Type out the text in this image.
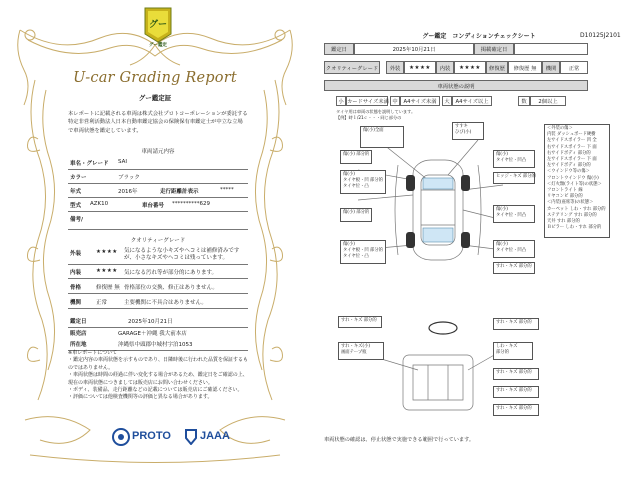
グー
グー鑑定
U-car Grading Report
グー鑑定証
本レポートに記載される車両は株式会社プロトコーポレーションが委託する特定非営利活動法人日本自動車鑑定協会の保険保有車鑑定士が中立な立場で車両状態を鑑定しています。
車両請元内容
車名・グレード SAI
カラー	ブラック
年式	2016年	走行距離計表示	*****
型式 AZK10	車台番号 **********629
備考/
クオリティーグレード
外装	★★★★ 気になるような小キズやヘコミは補修済みですが、小さなキズやヘコミは残っています。
内装	★★★★ 気になる汚れ等が部分的にあります。
骨格	修復歴 無 骨格部位の交換、修正はありません。
機関	正常	主要機関に不具合はありません。
鑑定日	2025年10月21日
販売店	GARAGE＋沖縄 我大前本店
所在地	沖縄県中頭郡中城村字泊1053
※車レポートについて
・鑑定内容の車両状態を示すものであり、日隣時後に行われた品質を保証するものではありません。
・車両状態は時間の経過に伴い変化する場合があるため、鑑定日をご確認の上、現在の車両状態につきましては販売店にお問い合わせください。
・ボディ、装備品、走行距離などの記載については販売店にご確認ください。
・評価については他検査機関等の評価と異なる場合があります。
PROTO	JAAA
D10125J2101
グー鑑定　コンディションチェックシート
鑑定日	2025年10月21日	掲載確定日
クオリティーグレード	外装	★★★★	内装	★★★★	修復歴	修復歴 無	機関	正常
車両状態の説明
小 カードサイズ未満 中	A4サイズ未満	大	A4サイズ以上	数	2個以上
タイヤ用は車両の状態を説明しています。
【例】時１/21ｃ・・・同じ部分の
傷(小)全面
すすキ
ひび(小)
傷(小) 部分的
傷(小)
タイヤ板・凹 部分的
タイヤ位・凸
傷(小)
タイヤ位・凹凸
ヒッジ・キズ 部分的
傷(小) 部分的
傷(小)
タイヤ位・凹凸
傷(小)
タイヤ板・凹 部分的
タイヤ位・凸
傷(小)
タイヤ位・凹凸
すれ・キズ 部分的
すれ・キズ 部分的
すれ・キズ 部分的
すれ・キズ(小)
画面テープ痕
しわ・キズ
部分的
すれ・キズ 部分的
すれ・キズ 部分的
すれ・キズ 部分的
＜外装の傷＞
内装 ダッシュボード硬樹
左サイドスポイラー 凹 全
右サイドスポイラー 下 面
右サイドボディ 部分的
左サイドスポイラー 下 面
左サイドボディ 部分的
＜ウインドウ等の傷＞
フロントウインドウ 傷(小)
＜灯火類(ライト等)の状態＞
フロントライト 線
リヤコンビ 部分的
＜内装(座席等)の状態＞
カーペット しわ・すれ 部分的
ステアリング すれ 部分的
天井 すれ 部分的
Ｂピラー しわ・すれ 部分的
車両状態の確認は、停止状態で実施できる範囲で行っています。
